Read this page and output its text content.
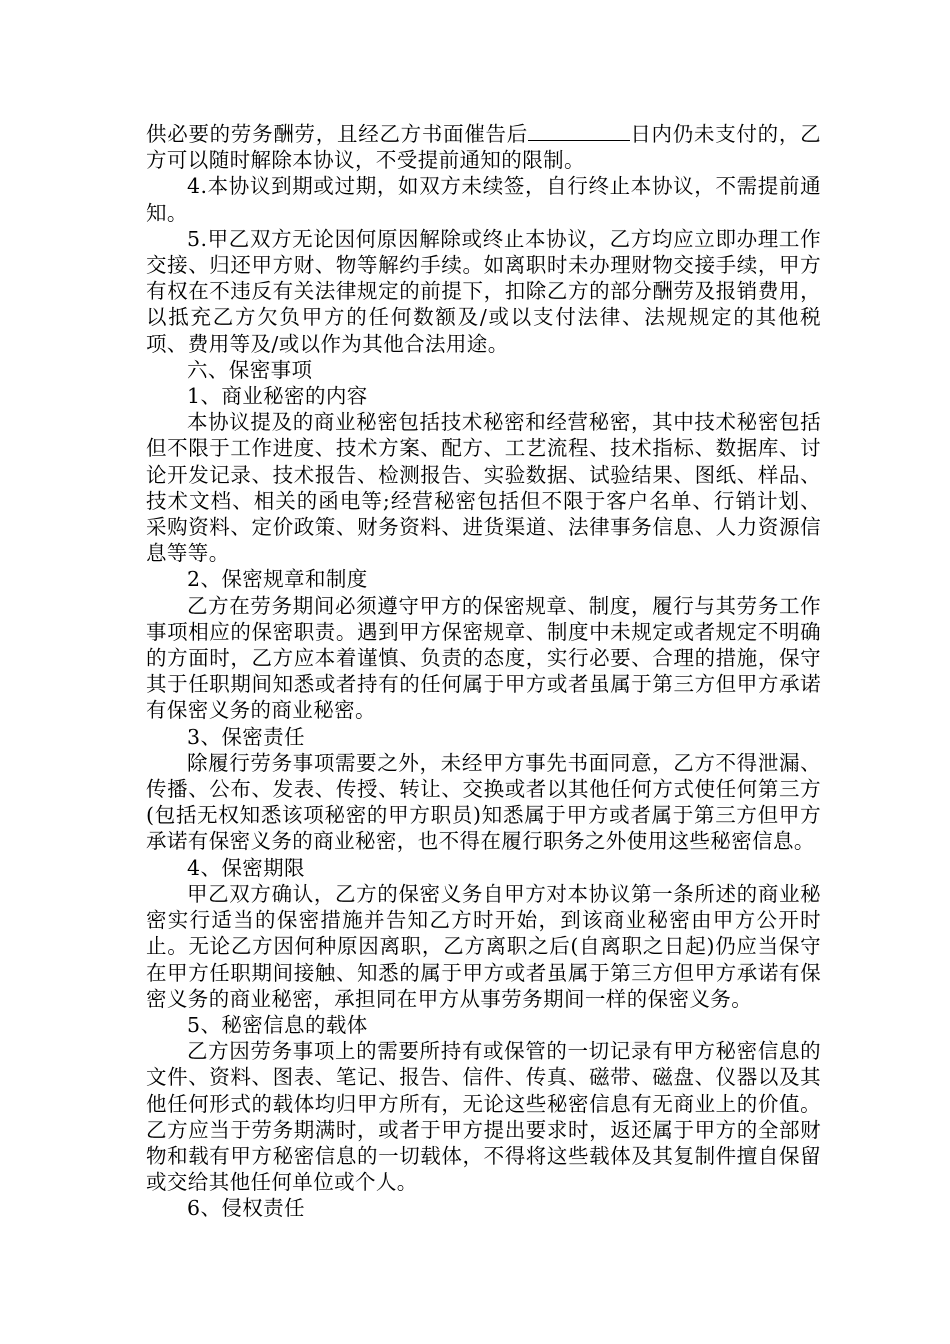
供必要的劳务酬劳，且经乙方书面催告后	日内仍未支付的，乙方可以随时解除本协议，不受提前通知的限制。

4.本协议到期或过期，如双方未续签，自行终止本协议，不需提前通知。

5.甲乙双方无论因何原因解除或终止本协议，乙方均应立即办理工作交接、归还甲方财、物等解约手续。如离职时未办理财物交接手续，甲方有权在不违反有关法律规定的前提下，扣除乙方的部分酬劳及报销费用，以抵充乙方欠负甲方的任何数额及/或以支付法律、法规规定的其他税项、费用等及/或以作为其他合法用途。

六、保密事项

1、商业秘密的内容

本协议提及的商业秘密包括技术秘密和经营秘密，其中技术秘密包括但不限于工作进度、技术方案、配方、工艺流程、技术指标、数据库、讨论开发记录、技术报告、检测报告、实验数据、试验结果、图纸、样品、技术文档、相关的函电等;经营秘密包括但不限于客户名单、行销计划、采购资料、定价政策、财务资料、进货渠道、法律事务信息、人力资源信息等等。

2、保密规章和制度

乙方在劳务期间必须遵守甲方的保密规章、制度，履行与其劳务工作事项相应的保密职责。遇到甲方保密规章、制度中未规定或者规定不明确的方面时，乙方应本着谨慎、负责的态度，实行必要、合理的措施，保守其于任职期间知悉或者持有的任何属于甲方或者虽属于第三方但甲方承诺有保密义务的商业秘密。

3、保密责任

除履行劳务事项需要之外，未经甲方事先书面同意，乙方不得泄漏、传播、公布、发表、传授、转让、交换或者以其他任何方式使任何第三方(包括无权知悉该项秘密的甲方职员)知悉属于甲方或者属于第三方但甲方承诺有保密义务的商业秘密，也不得在履行职务之外使用这些秘密信息。

4、保密期限

甲乙双方确认，乙方的保密义务自甲方对本协议第一条所述的商业秘密实行适当的保密措施并告知乙方时开始，到该商业秘密由甲方公开时止。无论乙方因何种原因离职，乙方离职之后(自离职之日起)仍应当保守在甲方任职期间接触、知悉的属于甲方或者虽属于第三方但甲方承诺有保密义务的商业秘密，承担同在甲方从事劳务期间一样的保密义务。

5、秘密信息的载体

乙方因劳务事项上的需要所持有或保管的一切记录有甲方秘密信息的文件、资料、图表、笔记、报告、信件、传真、磁带、磁盘、仪器以及其他任何形式的载体均归甲方所有，无论这些秘密信息有无商业上的价值。乙方应当于劳务期满时，或者于甲方提出要求时，返还属于甲方的全部财物和载有甲方秘密信息的一切载体，不得将这些载体及其复制件擅自保留或交给其他任何单位或个人。

6、侵权责任
